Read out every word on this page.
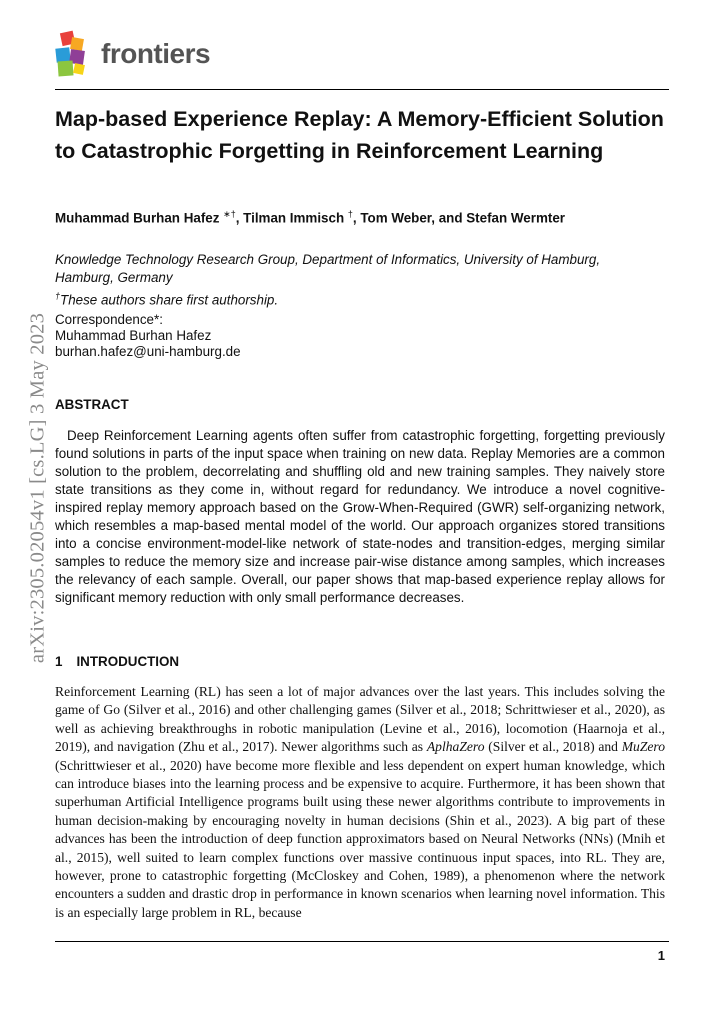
frontiers
arXiv:2305.02054v1 [cs.LG] 3 May 2023
Map-based Experience Replay: A Memory-Efficient Solution to Catastrophic Forgetting in Reinforcement Learning
Muhammad Burhan Hafez ∗†, Tilman Immisch †, Tom Weber, and Stefan Wermter
Knowledge Technology Research Group, Department of Informatics, University of Hamburg, Hamburg, Germany
†These authors share first authorship.
Correspondence*:
Muhammad Burhan Hafez
burhan.hafez@uni-hamburg.de
ABSTRACT

Deep Reinforcement Learning agents often suffer from catastrophic forgetting, forgetting previously found solutions in parts of the input space when training on new data. Replay Memories are a common solution to the problem, decorrelating and shuffling old and new training samples. They naively store state transitions as they come in, without regard for redundancy. We introduce a novel cognitive-inspired replay memory approach based on the Grow-When-Required (GWR) self-organizing network, which resembles a map-based mental model of the world. Our approach organizes stored transitions into a concise environment-model-like network of state-nodes and transition-edges, merging similar samples to reduce the memory size and increase pair-wise distance among samples, which increases the relevancy of each sample. Overall, our paper shows that map-based experience replay allows for significant memory reduction with only small performance decreases.

1 INTRODUCTION

Reinforcement Learning (RL) has seen a lot of major advances over the last years. This includes solving the game of Go (Silver et al., 2016) and other challenging games (Silver et al., 2018; Schrittwieser et al., 2020), as well as achieving breakthroughs in robotic manipulation (Levine et al., 2016), locomotion (Haarnoja et al., 2019), and navigation (Zhu et al., 2017). Newer algorithms such as AplhaZero (Silver et al., 2018) and MuZero (Schrittwieser et al., 2020) have become more flexible and less dependent on expert human knowledge, which can introduce biases into the learning process and be expensive to acquire. Furthermore, it has been shown that superhuman Artificial Intelligence programs built using these newer algorithms contribute to improvements in human decision-making by encouraging novelty in human decisions (Shin et al., 2023). A big part of these advances has been the introduction of deep function approximators based on Neural Networks (NNs) (Mnih et al., 2015), well suited to learn complex functions over massive continuous input spaces, into RL. They are, however, prone to catastrophic forgetting (McCloskey and Cohen, 1989), a phenomenon where the network encounters a sudden and drastic drop in performance in known scenarios when learning novel information. This is an especially large problem in RL, because

1
